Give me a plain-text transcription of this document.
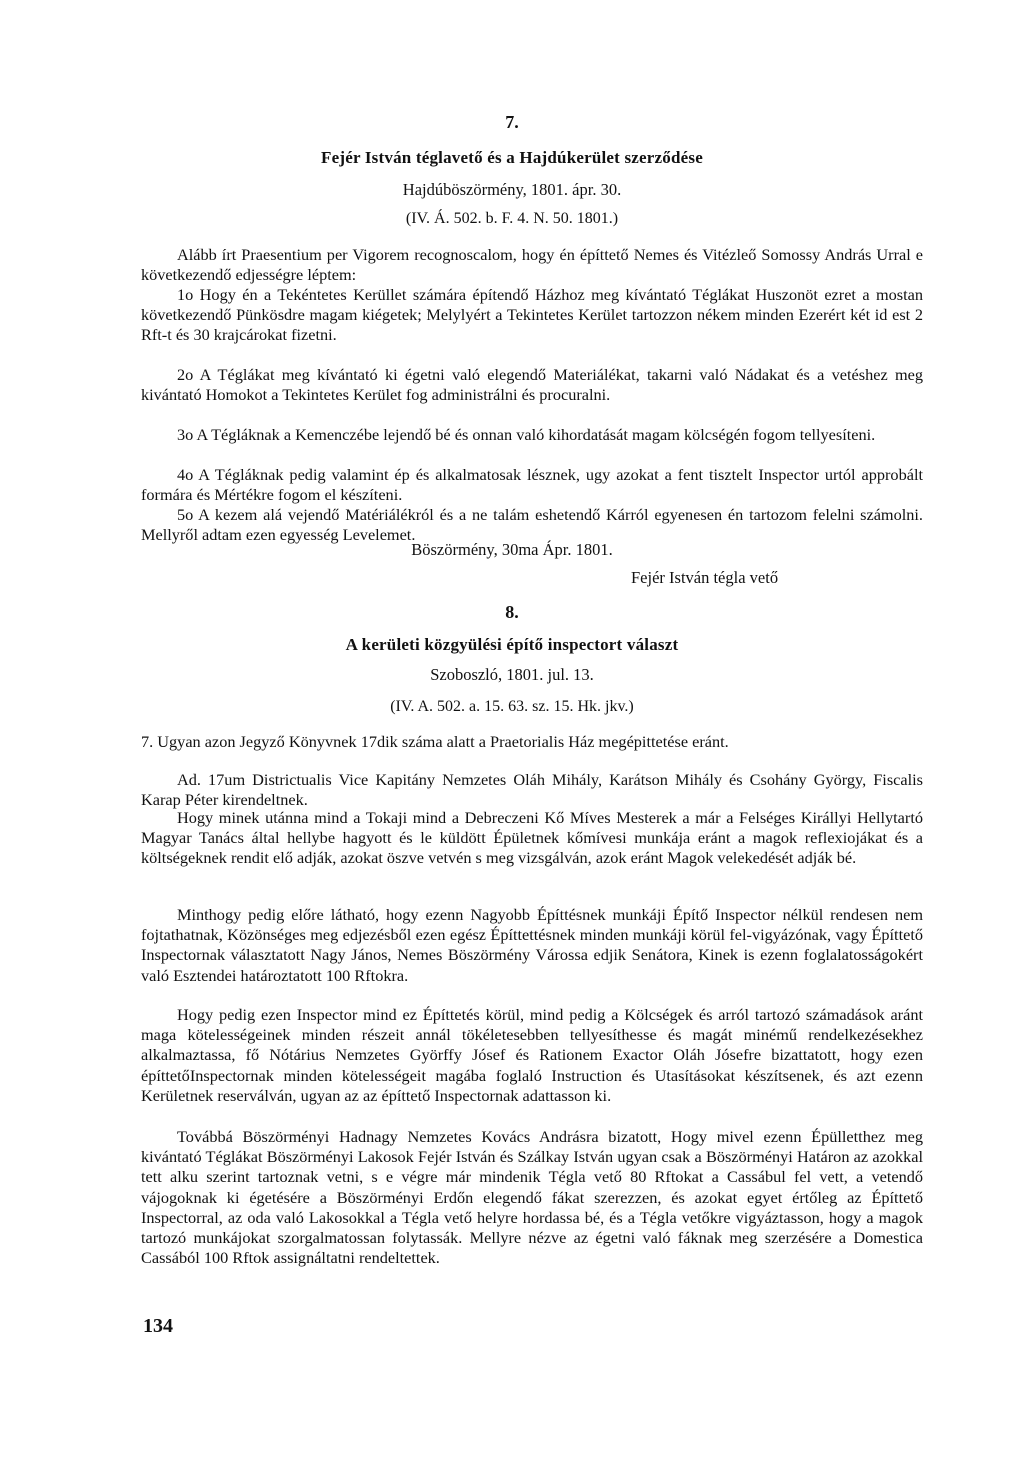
7.
Fejér István téglavető és a Hajdúkerület szerződése
Hajdúböszörmény, 1801. ápr. 30.
(IV. Á. 502. b. F. 4. N. 50. 1801.)

Alább írt Praesentium per Vigorem recognoscalom, hogy én építtető Nemes és Vitézleő Somossy András Urral e következendő edjességre léptem:

1o Hogy én a Tekéntetes Kerüllet számára építendő Házhoz meg kívántató Téglákat Huszonöt ezret a mostan következendő Pünkösdre magam kiégetek; Melylyért a Tekintetes Kerület tartozzon nékem minden Ezerért két id est 2 Rft-t és 30 krajcárokat fizetni.

2o A Téglákat meg kívántató ki égetni való elegendő Materiálékat, takarni való Nádakat és a vetéshez meg kivántató Homokot a Tekintetes Kerület fog administrálni és procuralni.

3o A Tégláknak a Kemenczébe lejendő bé és onnan való kihordatását magam kölcségén fogom tellyesíteni.

4o A Tégláknak pedig valamint ép és alkalmatosak lésznek, ugy azokat a fent tisztelt Inspector urtól approbált formára és Mértékre fogom el készíteni.

5o A kezem alá vejendő Matériálékról és a ne talám eshetendő Kárról egyenesen én tartozom felelni számolni. Mellyről adtam ezen egyesség Levelemet.

Böszörmény, 30ma Ápr. 1801.
Fejér István tégla vető
8.
A kerületi közgyülési építő inspectort választ
Szoboszló, 1801. jul. 13.
(IV. A. 502. a. 15. 63. sz. 15. Hk. jkv.)

7. Ugyan azon Jegyző Könyvnek 17dik száma alatt a Praetorialis Ház megépittetése eránt.

Ad. 17um Districtualis Vice Kapitány Nemzetes Oláh Mihály, Karátson Mihály és Csohány György, Fiscalis Karap Péter kirendeltnek.

Hogy minek utánna mind a Tokaji mind a Debreczeni Kő Míves Mesterek a már a Felséges Királlyi Hellytartó Magyar Tanács által hellybe hagyott és le küldött Épületnek kőmívesi munkája eránt a magok reflexiojákat és a költségeknek rendit elő adják, azokat öszve vetvén s meg vizsgálván, azok eránt Magok velekedését adják bé.

Minthogy pedig előre látható, hogy ezenn Nagyobb Építtésnek munkáji Építő Inspector nélkül rendesen nem fojtathatnak, Közönséges meg edjezésből ezen egész Építtettésnek minden munkáji körül fel-vigyázónak, vagy Építtető Inspectornak választatott Nagy János, Nemes Böszörmény Várossa edjik Senátora, Kinek is ezenn foglalatosságokért való Esztendei határoztatott 100 Rftokra.

Hogy pedig ezen Inspector mind ez Építtetés körül, mind pedig a Kölcségek és arról tartozó számadások aránt maga kötelességeinek minden részeit annál tökéletesebben tellyesíthesse és magát minémű rendelkezésekhez alkalmaztassa, fő Nótárius Nemzetes Györffy Jósef és Rationem Exactor Oláh Jósefre bizattatott, hogy ezen építtetőInspectornak minden kötelességeit magába foglaló Instruction és Utasításokat készítsenek, és azt ezenn Kerületnek reserválván, ugyan az az építtető Inspectornak adattasson ki.

Továbbá Böszörményi Hadnagy Nemzetes Kovács Andrásra bizatott, Hogy mivel ezenn Épülletthez meg kivántató Téglákat Böszörményi Lakosok Fejér István és Szálkay István ugyan csak a Böszörményi Határon az azokkal tett alku szerint tartoznak vetni, s e végre már mindenik Tégla vető 80 Rftokat a Cassábul fel vett, a vetendő vájogoknak ki égetésére a Böszörményi Erdőn elegendő fákat szerezzen, és azokat egyet értőleg az Építtető Inspectorral, az oda való Lakosokkal a Tégla vető helyre hordassa bé, és a Tégla vetőkre vigyáztasson, hogy a magok tartozó munkájokat szorgalmatossan folytassák. Mellyre nézve az égetni való fáknak meg szerzésére a Domestica Cassából 100 Rftok assignáltatni rendeltettek.

134
